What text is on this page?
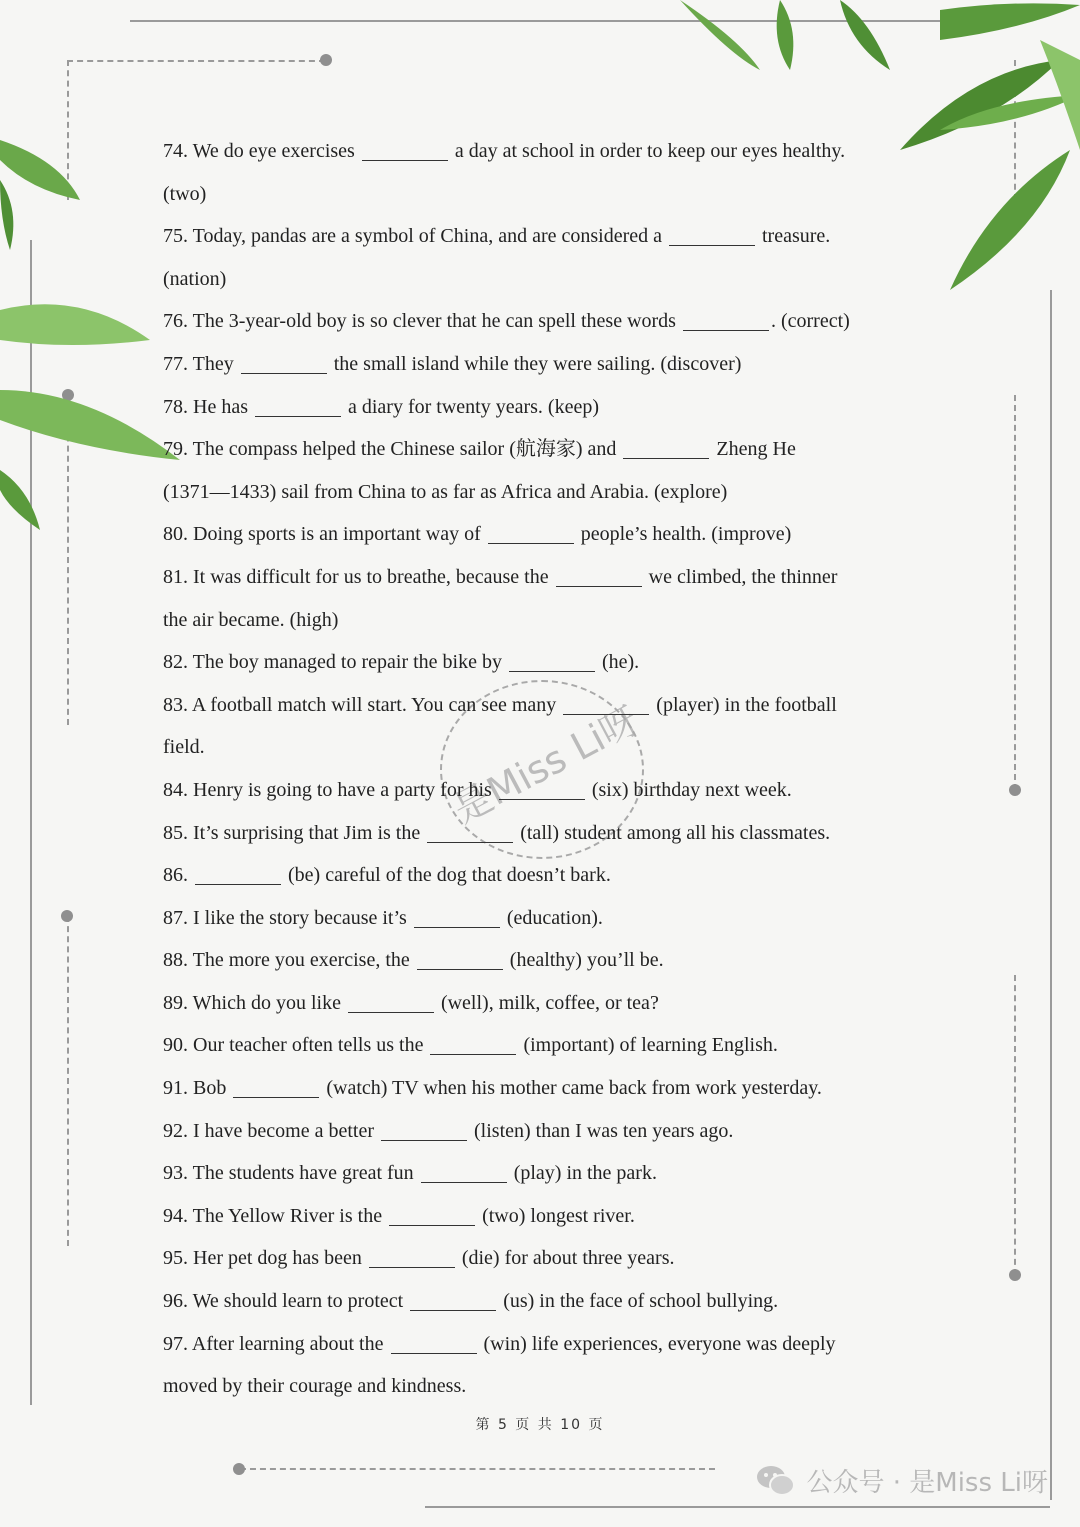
是Miss Li呀
74. We do eye exercises	a day at school in order to keep our eyes healthy.
(two)
75. Today, pandas are a symbol of China, and are considered a	treasure.
(nation)
76. The 3-year-old boy is so clever that he can spell these words	. (correct)
77. They	the small island while they were sailing. (discover)
78. He has	a diary for twenty years. (keep)
79. The compass helped the Chinese sailor (航海家) and	Zheng He
(1371—1433) sail from China to as far as Africa and Arabia. (explore)
80. Doing sports is an important way of	people’s health. (improve)
81. It was difficult for us to breathe, because the	we climbed, the thinner
the air became. (high)
82. The boy managed to repair the bike by	(he).
83. A football match will start. You can see many	(player) in the football
field.
84. Henry is going to have a party for his	(six) birthday next week.
85. It’s surprising that Jim is the	(tall) student among all his classmates.
86.	(be) careful of the dog that doesn’t bark.
87. I like the story because it’s	(education).
88. The more you exercise, the	(healthy) you’ll be.
89. Which do you like	(well), milk, coffee, or tea?
90. Our teacher often tells us the	(important) of learning English.
91. Bob	(watch) TV when his mother came back from work yesterday.
92. I have become a better	(listen) than I was ten years ago.
93. The students have great fun	(play) in the park.
94. The Yellow River is the	(two) longest river.
95. Her pet dog has been	(die) for about three years.
96. We should learn to protect	(us) in the face of school bullying.
97. After learning about the	(win) life experiences, everyone was deeply
moved by their courage and kindness.
第 5 页 共 10 页
公众号 · 是Miss Li呀
